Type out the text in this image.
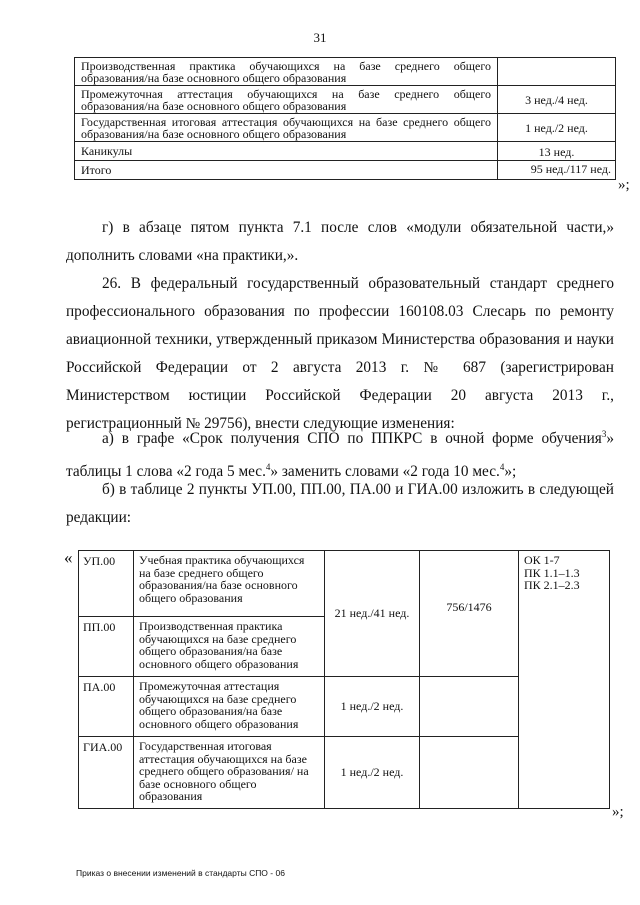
31
Производственная практика обучающихся на базе среднего общего образования/на базе основного общего образования	
Промежуточная аттестация обучающихся на базе среднего общего образования/на базе основного общего образования	3 нед./4 нед.
Государственная итоговая аттестация обучающихся на базе среднего общего образования/на базе основного общего образования	1 нед./2 нед.
Каникулы	13 нед.
Итого	95 нед./117 нед.
»;
г) в абзаце пятом пункта 7.1 после слов «модули обязательной части,» дополнить словами «на практики,».
26. В федеральный государственный образовательный стандарт среднего профессионального образования по профессии 160108.03 Слесарь по ремонту авиационной техники, утвержденный приказом Министерства образования и науки Российской Федерации от 2 августа 2013 г. № 687 (зарегистрирован Министерством юстиции Российской Федерации 20 августа 2013 г., регистрационный № 29756), внести следующие изменения:
а) в графе «Срок получения СПО по ППКРС в очной форме обучения$^3$» таблицы 1 слова «2 года 5 мес.$^4$» заменить словами «2 года 10 мес.$^4$»;
б) в таблице 2 пункты УП.00, ПП.00, ПА.00 и ГИА.00 изложить в следующей редакции:
« УП.00	Учебная практика обучающихся на базе среднего общего образования/на базе основного общего образования	21 нед./41 нед.	756/1476	ОК 1-7
ПК 1.1–1.3
ПК 2.1–2.3

ПП.00	Производственная практика обучающихся на базе среднего общего образования/на базе основного общего образования			
ПА.00	Промежуточная аттестация обучающихся на базе среднего общего образования/на базе основного общего образования	1 нед./2 нед.		
ГИА.00	Государственная итоговая аттестация обучающихся на базе среднего общего образования/ на базе основного общего образования	1 нед./2 нед.		
»;
Приказ о внесении изменений в стандарты СПО - 06
